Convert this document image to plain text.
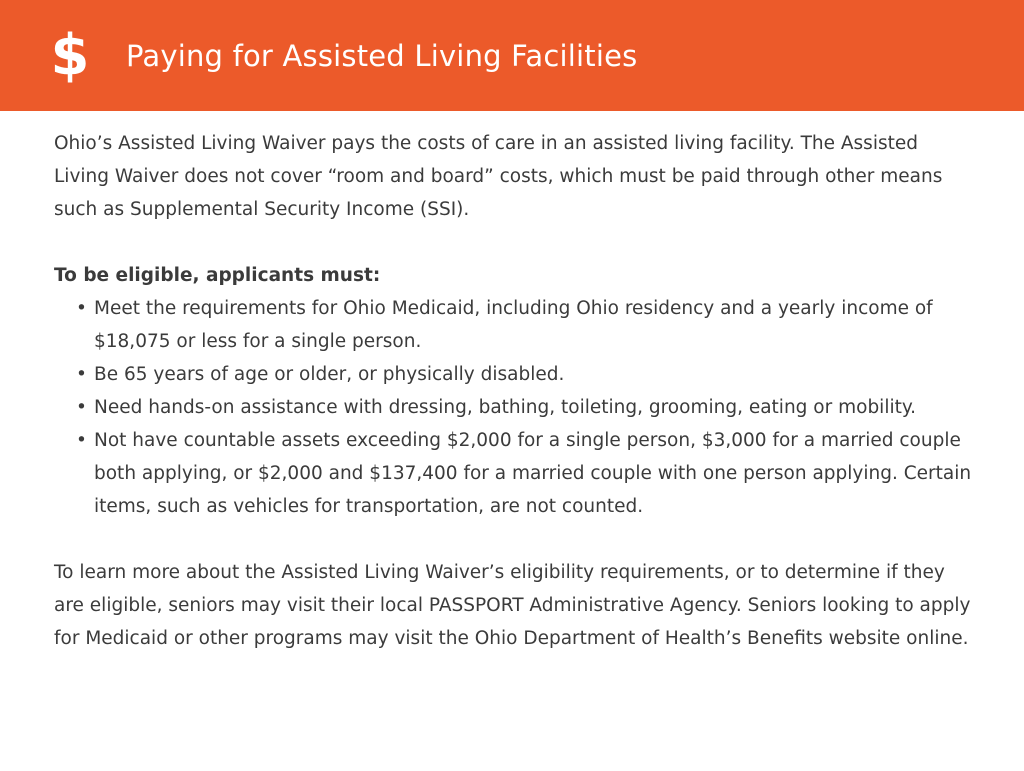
$ Paying for Assisted Living Facilities

Ohio’s Assisted Living Waiver pays the costs of care in an assisted living facility. The Assisted Living Waiver does not cover “room and board” costs, which must be paid through other means such as Supplemental Security Income (SSI).

To be eligible, applicants must:

• Meet the requirements for Ohio Medicaid, including Ohio residency and a yearly income of $18,075 or less for a single person.
• Be 65 years of age or older, or physically disabled.
• Need hands-on assistance with dressing, bathing, toileting, grooming, eating or mobility.
• Not have countable assets exceeding $2,000 for a single person, $3,000 for a married couple both applying, or $2,000 and $137,400 for a married couple with one person applying. Certain items, such as vehicles for transportation, are not counted.

To learn more about the Assisted Living Waiver’s eligibility requirements, or to determine if they are eligible, seniors may visit their local PASSPORT Administrative Agency. Seniors looking to apply for Medicaid or other programs may visit the Ohio Department of Health’s Benefits website online.
